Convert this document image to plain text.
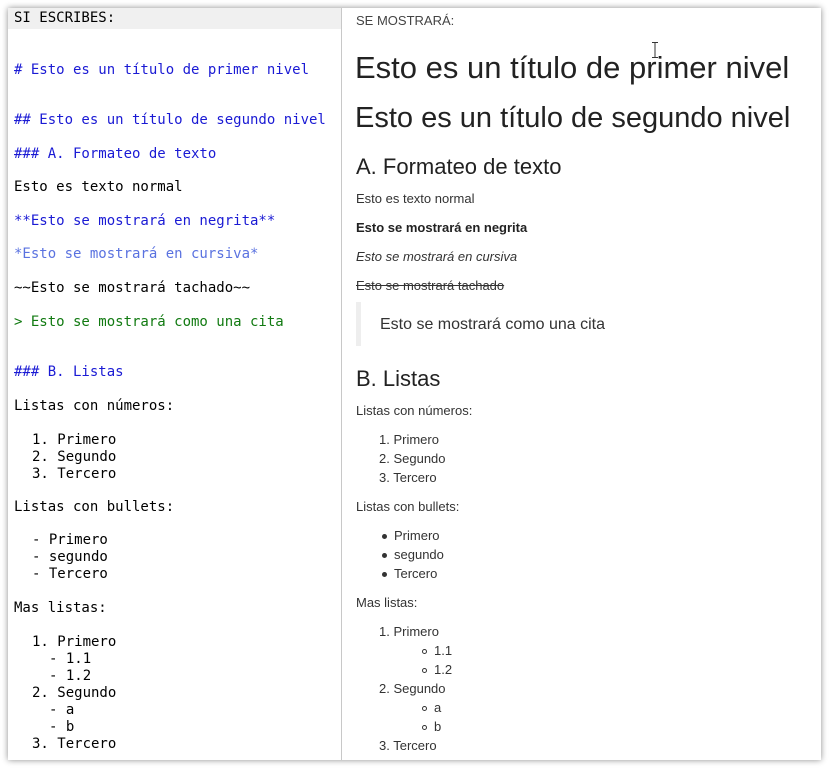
SI ESCRIBES:
# Esto es un título de primer nivel
## Esto es un título de segundo nivel
### A. Formateo de texto
Esto es texto normal
**Esto se mostrará en negrita**
*Esto se mostrará en cursiva*
~~Esto se mostrará tachado~~
> Esto se mostrará como una cita
### B. Listas
Listas con números:
1. Primero
2. Segundo
3. Tercero
Listas con bullets:
- Primero
- segundo
- Tercero
Mas listas:
1. Primero
- 1.1
- 1.2
2. Segundo
- a
- b
3. Tercero
SE MOSTRARÁ:
Esto es un título de primer nivel
Esto es un título de segundo nivel
A. Formateo de texto
Esto es texto normal
Esto se mostrará en negrita
Esto se mostrará en cursiva
Esto se mostrará tachado
Esto se mostrará como una cita
B. Listas
Listas con números:
1. Primero
2. Segundo
3. Tercero
Listas con bullets:
Primero
segundo
Tercero
Mas listas:
1. Primero
1.1
1.2
2. Segundo
a
b
3. Tercero
